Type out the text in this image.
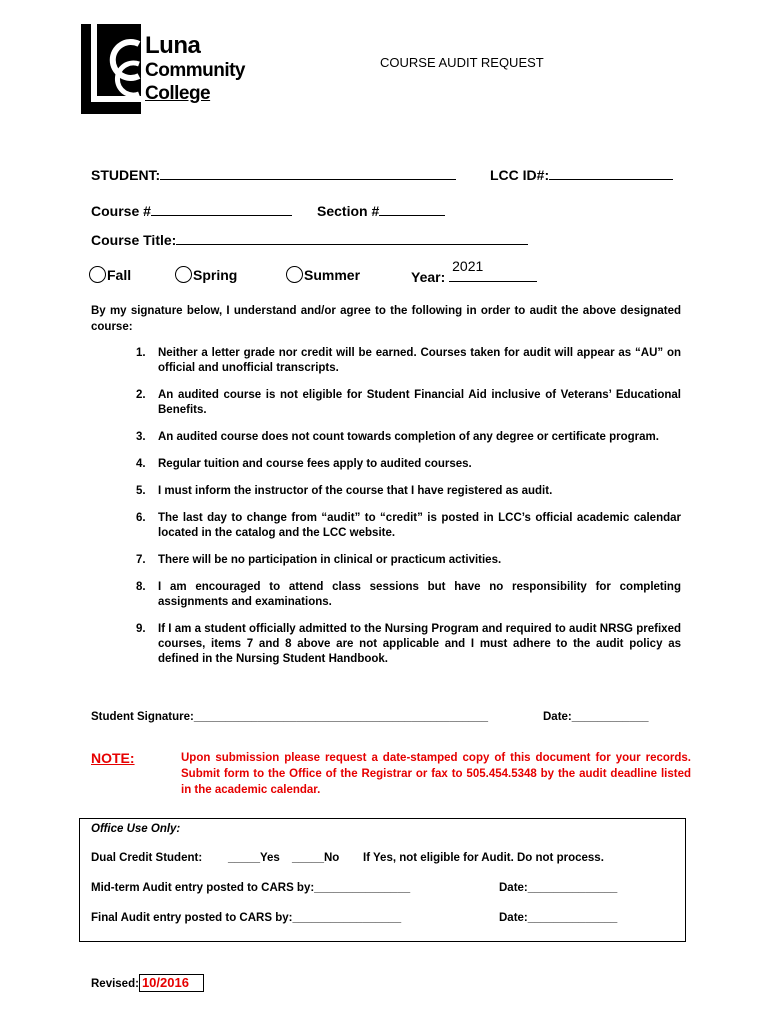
Luna
Community
College
COURSE AUDIT REQUEST
STUDENT:	LCC ID#:
Course #	Section #
Course Title:
Fall	Spring	Summer	Year:
2021
By my signature below, I understand and/or agree to the following in order to audit the above designated course:
1. Neither a letter grade nor credit will be earned. Courses taken for audit will appear as “AU” on official and unofficial transcripts.
2. An audited course is not eligible for Student Financial Aid inclusive of Veterans’ Educational Benefits.
3. An audited course does not count towards completion of any degree or certificate program.
4. Regular tuition and course fees apply to audited courses.
5. I must inform the instructor of the course that I have registered as audit.
6. The last day to change from “audit” to “credit” is posted in LCC’s official academic calendar located in the catalog and the LCC website.
7. There will be no participation in clinical or practicum activities.
8. I am encouraged to attend class sessions but have no responsibility for completing assignments and examinations.
9. If I am a student officially admitted to the Nursing Program and required to audit NRSG prefixed courses, items 7 and 8 above are not applicable and I must adhere to the audit policy as defined in the Nursing Student Handbook.
Student Signature:______________________________________________	Date:____________
NOTE:	Upon submission please request a date-stamped copy of this document for your records. Submit form to the Office of the Registrar or fax to 505.454.5348 by the audit deadline listed in the academic calendar.
Office Use Only:
Dual Credit Student: _____Yes _____No If Yes, not eligible for Audit. Do not process.
Mid-term Audit entry posted to CARS by:_______________	Date:______________
Final Audit entry posted to CARS by:_________________	Date:______________
Revised: 10/2016
